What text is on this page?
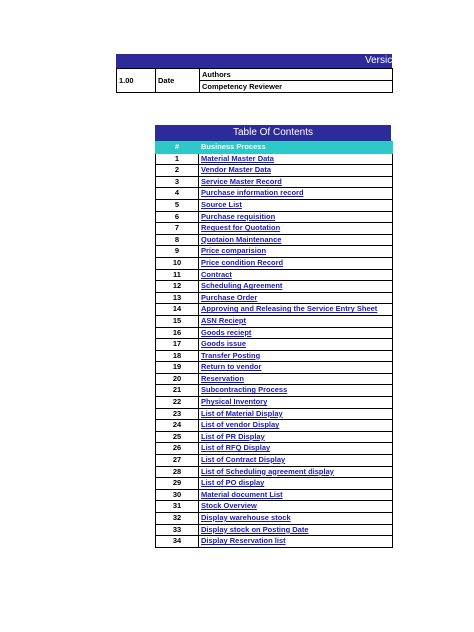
Versic
1.00	Date	Authors
Competency Reviewer
Table Of Contents
#	Business Process
1	Material Master Data
2	Vendor Master Data
3	Service Master Record
4	Purchase information record
5	Source List
6	Purchase requisition
7	Request for Quotation
8	Quotaion Maintenance
9	Price comparision
10	Price condition Record
11	Contract
12	Scheduling Agreement
13	Purchase Order
14	Approving and Releasing the Service Entry Sheet
15	ASN Reciept
16	Goods reciept
17	Goods issue
18	Transfer Posting
19	Return to vendor
20	Reservation
21	Subcontracting Process
22	Physical Inventory
23	List of Material Display
24	List of vendor Display
25	List of PR Display
26	List of RFQ Display
27	List of Contract Display
28	List of Scheduling agreement display
29	List of PO display
30	Material document List
31	Stock Overview
32	Display warehouse stock
33	Display stock on Posting Date
34	Display Reservation list
